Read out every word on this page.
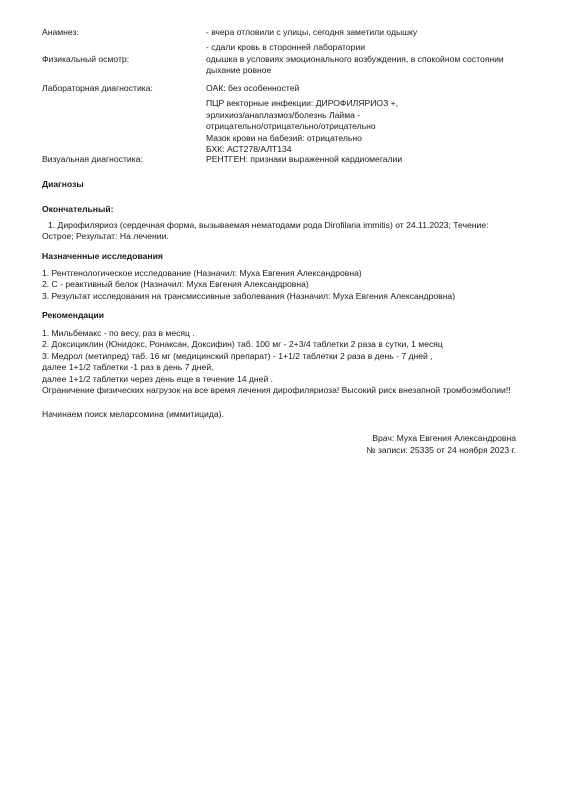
Анамнез:	- вчера отловили с улицы, сегодня заметили одышку
- сдали кровь в сторонней лаборатории
Физикальный осмотр:	одышка в условиях эмоционального возбуждения, в спокойном состоянии
дыхание ровное
Лабораторная диагностика:	ОАК: без особенностей
ПЦР векторные инфекции: ДИРОФИЛЯРИОЗ +,
эрлихиоз/анаплазмоз/болезнь Лайма -
отрицательно/отрицательно/отрицательно
Мазок крови на бабезий: отрицательно
БХК: АСТ278/АЛТ134
Визуальная диагностика:	РЕНТГЕН: признаки выраженной кардиомегалии
Диагнозы
Окончательный:
1. Дирофиляриоз (сердечная форма, вызываемая нематодами рода Dirofilaria immitis) от 24.11.2023; Течение: Острое; Результат: На лечении.
Назначенные исследования
1. Рентгенологическое исследование (Назначил: Муха Евгения Александровна)
2. С - реактивный белок (Назначил: Муха Евгения Александровна)
3. Результат исследования на трансмиссивные заболевания (Назначил: Муха Евгения Александровна)
Рекомендации
1. Мильбемакс - по весу, раз в месяц .
2. Доксициклин (Юнидокс, Ронаксан, Доксифин) таб. 100 мг - 2+3/4 таблетки 2 раза в сутки, 1 месяц
3. Медрол (метипред) таб. 16 мг (медицинский препарат) - 1+1/2 таблетки 2 раза в день - 7 дней ,
далее 1+1/2 таблетки -1 раз в день 7 дней,
далее 1+1/2 таблетки через день еще в течение 14 дней .
Ограничение физических нагрузок на все время лечения дирофиляриоза! Высокий риск внезапной тромбоэмболии!!
Начинаем поиск меларсомина (иммитицида).
Врач: Муха Евгения Александровна
№ записи: 25335 от 24 ноября 2023 г.
